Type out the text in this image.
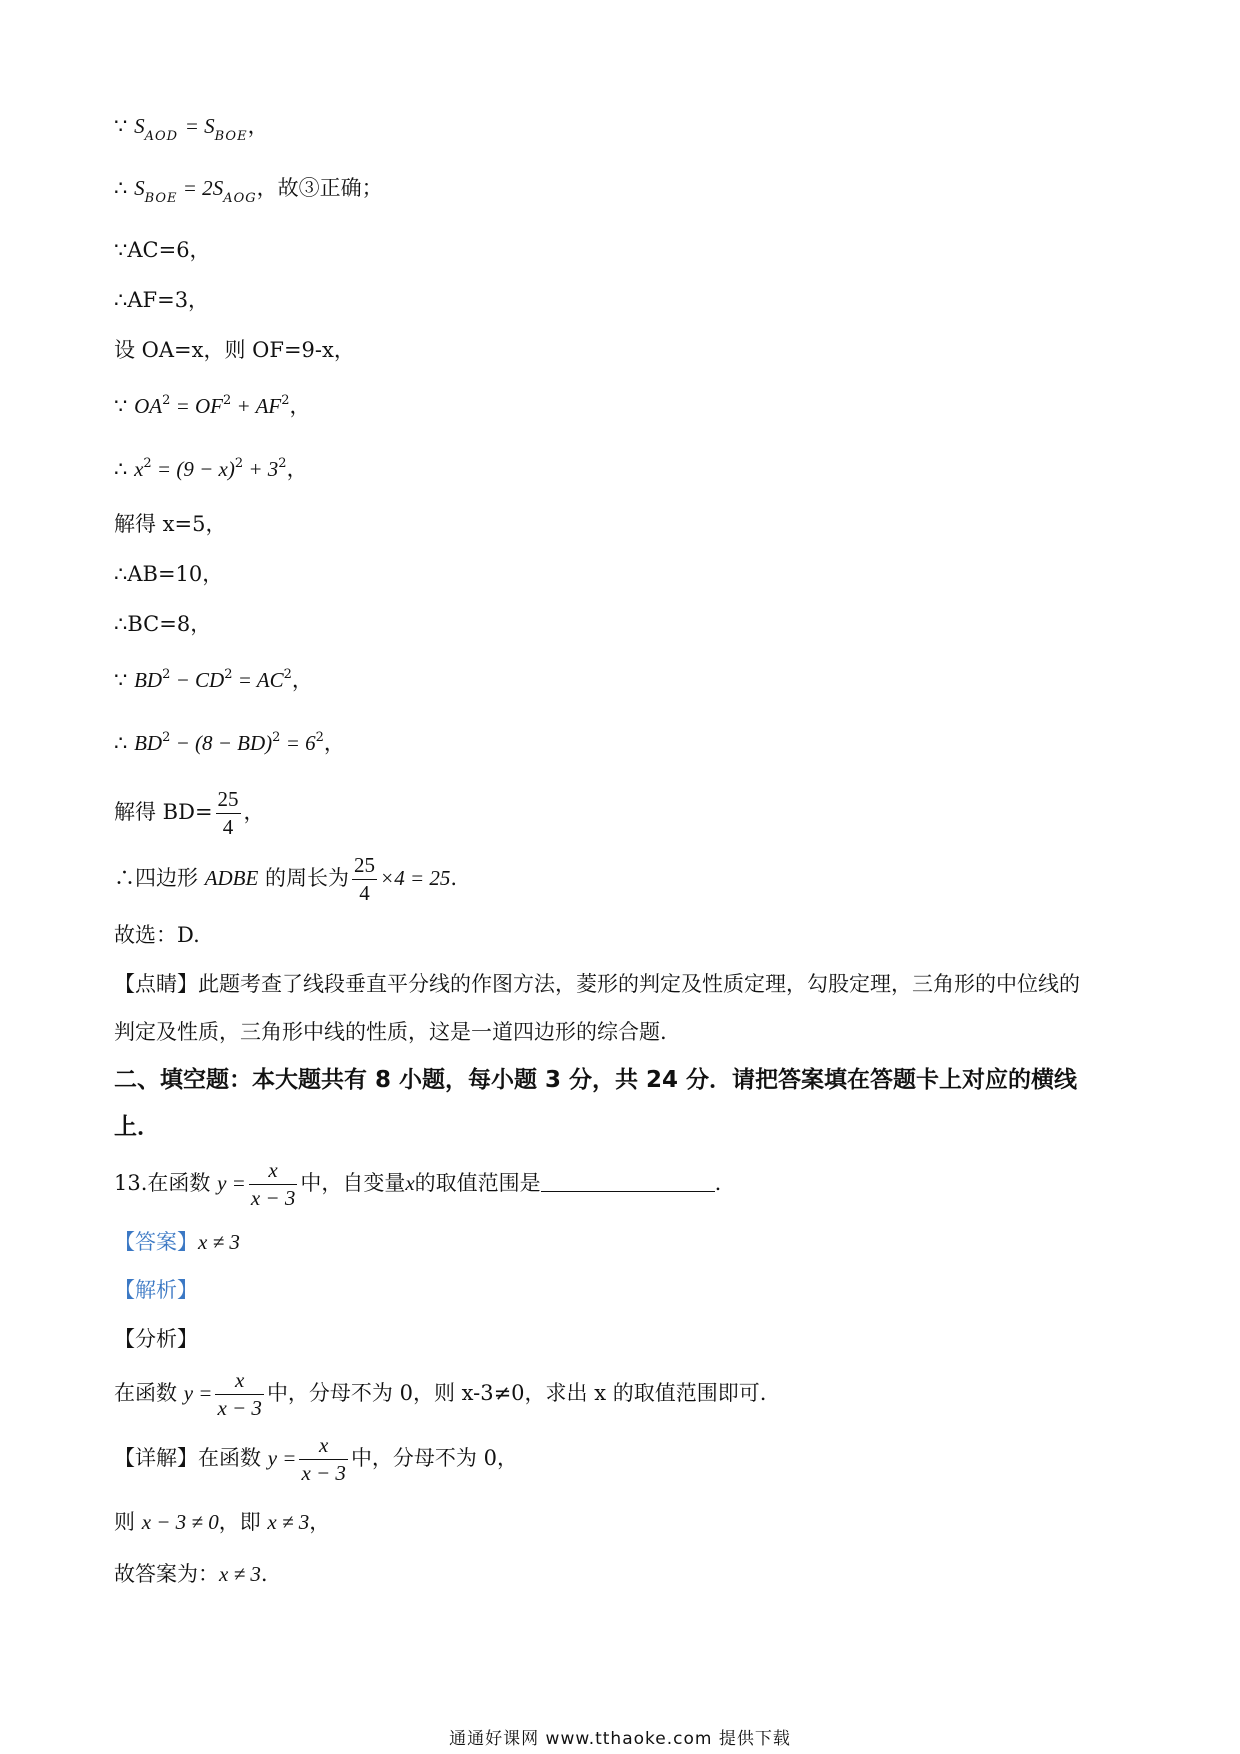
∵ $S_{AOD} = S_{BOE}$，
∴ $S_{BOE} = 2S_{AOG}$，故③正确；
∵AC=6，
∴AF=3，
设 OA=x，则 OF=9-x，
∵ $OA^2 = OF^2 + AF^2$，
∴ $x^2 = (9 - x)^2 + 3^2$，
解得 x=5，
∴AB=10，
∴BC=8，
∵ $BD^2 - CD^2 = AC^2$，
∴ $BD^2 - (8 - BD)^2 = 6^2$，
解得 $BD= \frac{25}{4}$ ，
∴四边形 ADBE 的周长为 $\frac{25}{4} \times 4 = 25$.
故选：D.
【点睛】此题考查了线段垂直平分线的作图方法，菱形的判定及性质定理，勾股定理，三角形的中位线的
判定及性质，三角形中线的性质，这是一道四边形的综合题.
二、填空题：本大题共有 8 小题，每小题 3 分，共 24 分．请把答案填在答题卡上对应的横线
上．
13.在函数 $y = \frac{x}{x - 3}$ 中，自变量x的取值范围是	.
【答案】x ≠ 3
【解析】
【分析】
在函数 $y = \frac{x}{x - 3}$ 中，分母不为 0，则 x-3≠0，求出 x 的取值范围即可.
【详解】在函数 $y = \frac{x}{x - 3}$ 中，分母不为 0，
则 x − 3 ≠ 0，即 x ≠ 3，
故答案为：x ≠ 3.
通通好课网 www.tthaoke.com 提供下载
